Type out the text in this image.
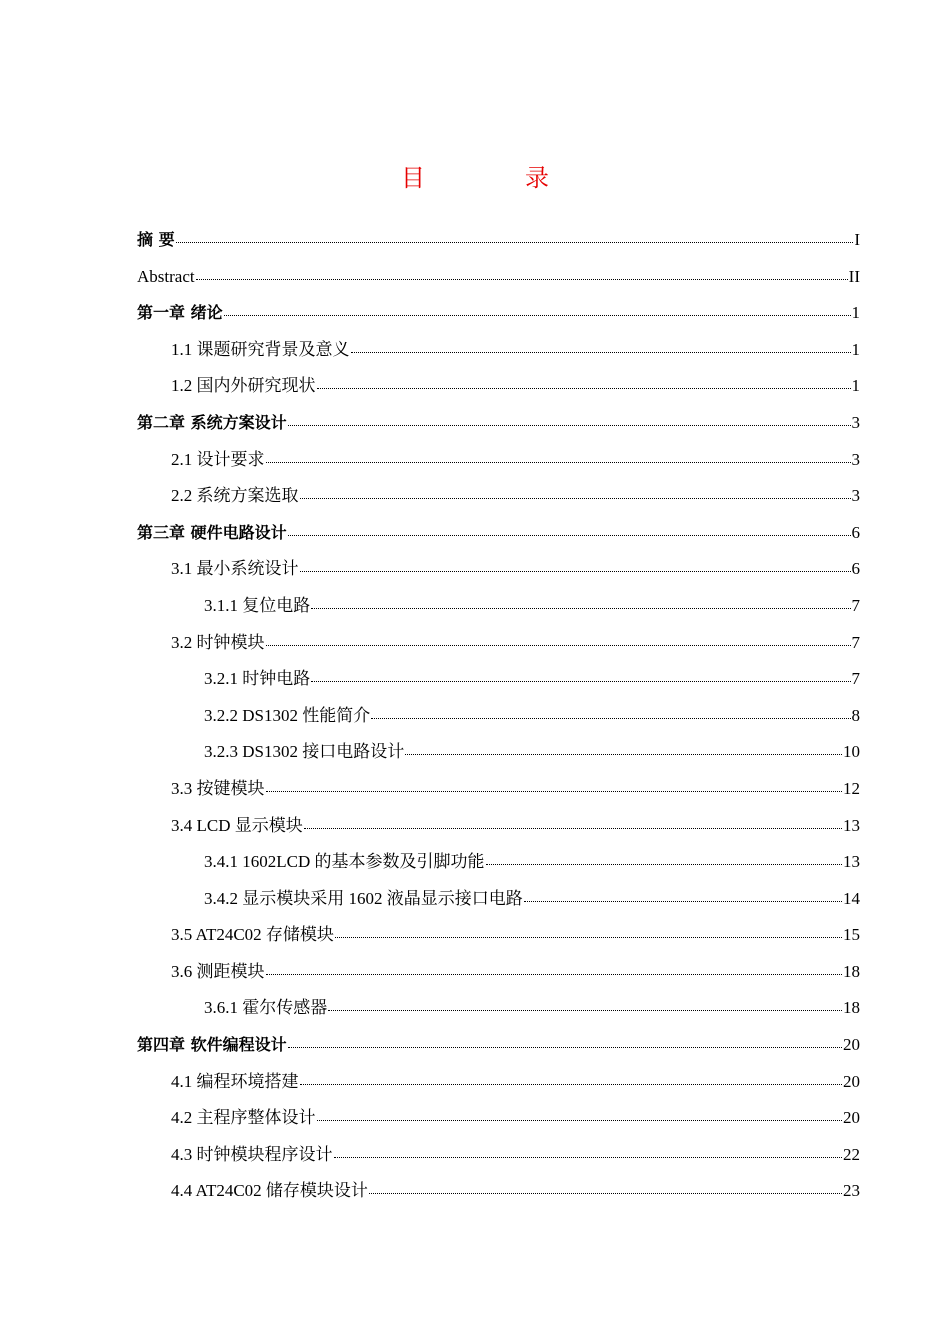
目　录
摘 要	I
Abstract	II
第一章 绪论	1
1.1 课题研究背景及意义	1
1.2 国内外研究现状	1
第二章 系统方案设计	3
2.1 设计要求	3
2.2 系统方案选取	3
第三章 硬件电路设计	6
3.1 最小系统设计	6
3.1.1 复位电路	7
3.2 时钟模块	7
3.2.1 时钟电路	7
3.2.2 DS1302 性能简介	8
3.2.3 DS1302 接口电路设计	10
3.3 按键模块	12
3.4 LCD 显示模块	13
3.4.1 1602LCD 的基本参数及引脚功能	13
3.4.2 显示模块采用 1602 液晶显示接口电路	14
3.5 AT24C02 存储模块	15
3.6 测距模块	18
3.6.1 霍尔传感器	18
第四章 软件编程设计	20
4.1 编程环境搭建	20
4.2 主程序整体设计	20
4.3 时钟模块程序设计	22
4.4 AT24C02 储存模块设计	23
